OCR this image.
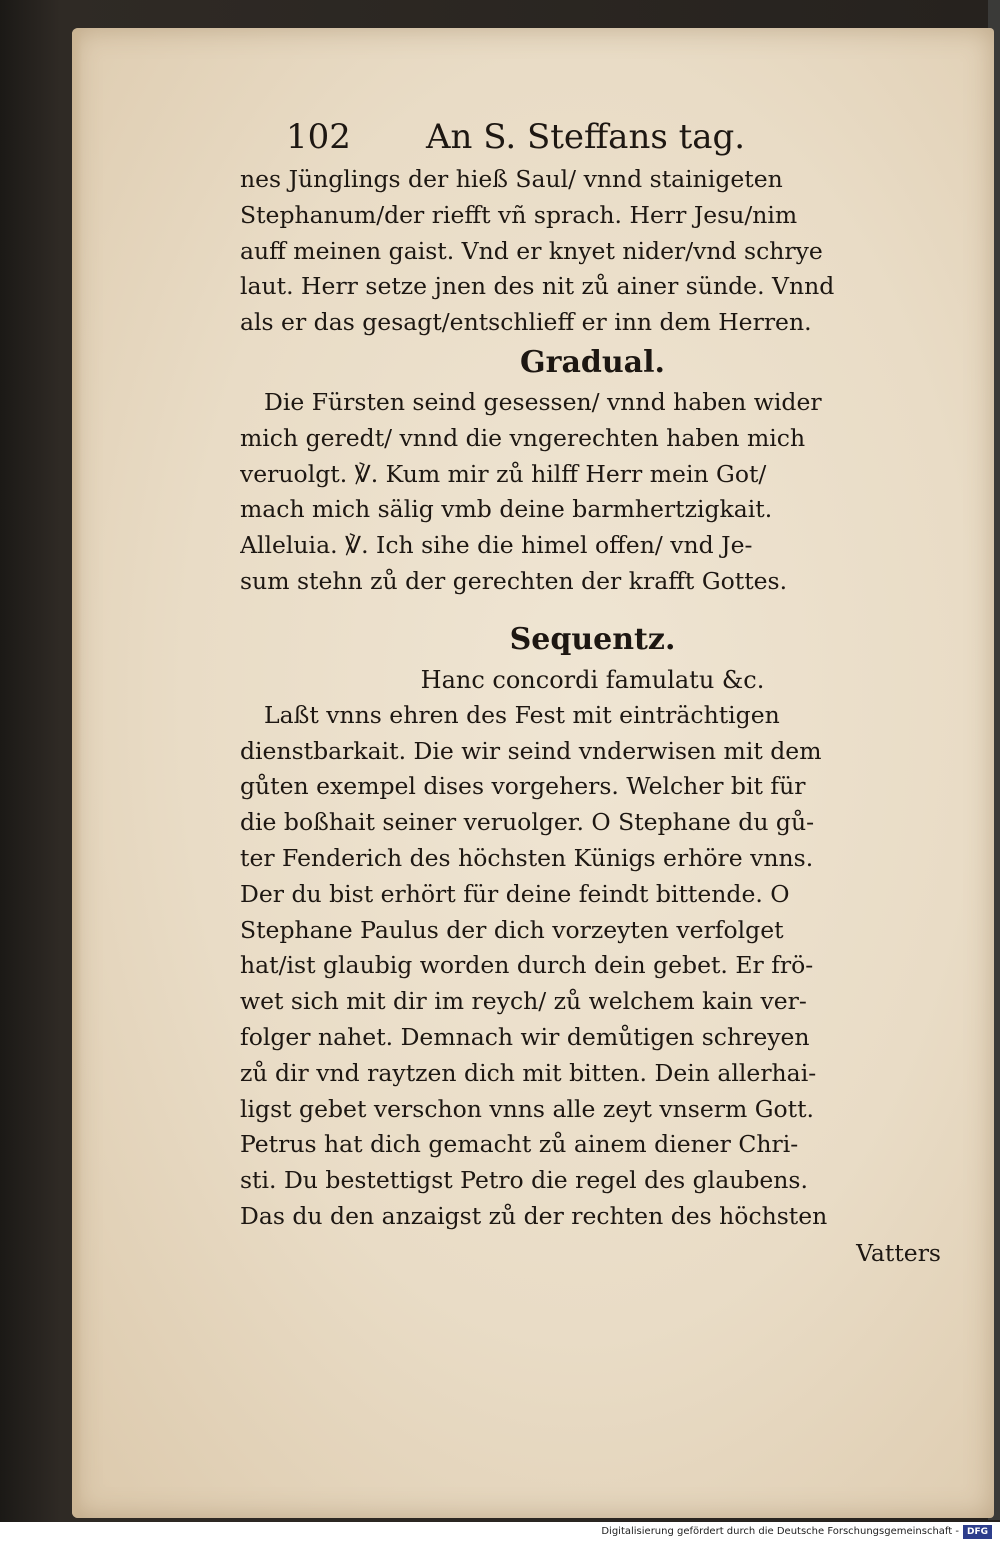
102 An S. Steffans tag.
nes Jünglings der hieß Saul/ vnnd stainigeten
Stephanum/der riefft vñ sprach. Herr Jesu/nim
auff meinen gaist. Vnd er knyet nider/vnd schrye
laut. Herr setze jnen des nit zů ainer sünde. Vnnd
als er das gesagt/entschlieff er inn dem Herren.
Gradual.
Die Fürsten seind gesessen/ vnnd haben wider
mich geredt/ vnnd die vngerechten haben mich
veruolgt. ℣. Kum mir zů hilff Herr mein Got/
mach mich sälig vmb deine barmhertzigkait.
Alleluia. ℣. Ich sihe die himel offen/ vnd Je-
sum stehn zů der gerechten der krafft Gottes.
Sequentz.
Hanc concordi famulatu &c.
Laßt vnns ehren des Fest mit einträchtigen
dienstbarkait. Die wir seind vnderwisen mit dem
gůten exempel dises vorgehers. Welcher bit für
die boßhait seiner veruolger. O Stephane du gů-
ter Fenderich des höchsten Künigs erhöre vnns.
Der du bist erhört für deine feindt bittende. O
Stephane Paulus der dich vorzeyten verfolget
hat/ist glaubig worden durch dein gebet. Er frö-
wet sich mit dir im reych/ zů welchem kain ver-
folger nahet. Demnach wir demůtigen schreyen
zů dir vnd raytzen dich mit bitten. Dein allerhai-
ligst gebet verschon vnns alle zeyt vnserm Gott.
Petrus hat dich gemacht zů ainem diener Chri-
sti. Du bestettigst Petro die regel des glaubens.
Das du den anzaigst zů der rechten des höchsten
Vatters
Digitalisierung gefördert durch die Deutsche Forschungsgemeinschaft - DFG
